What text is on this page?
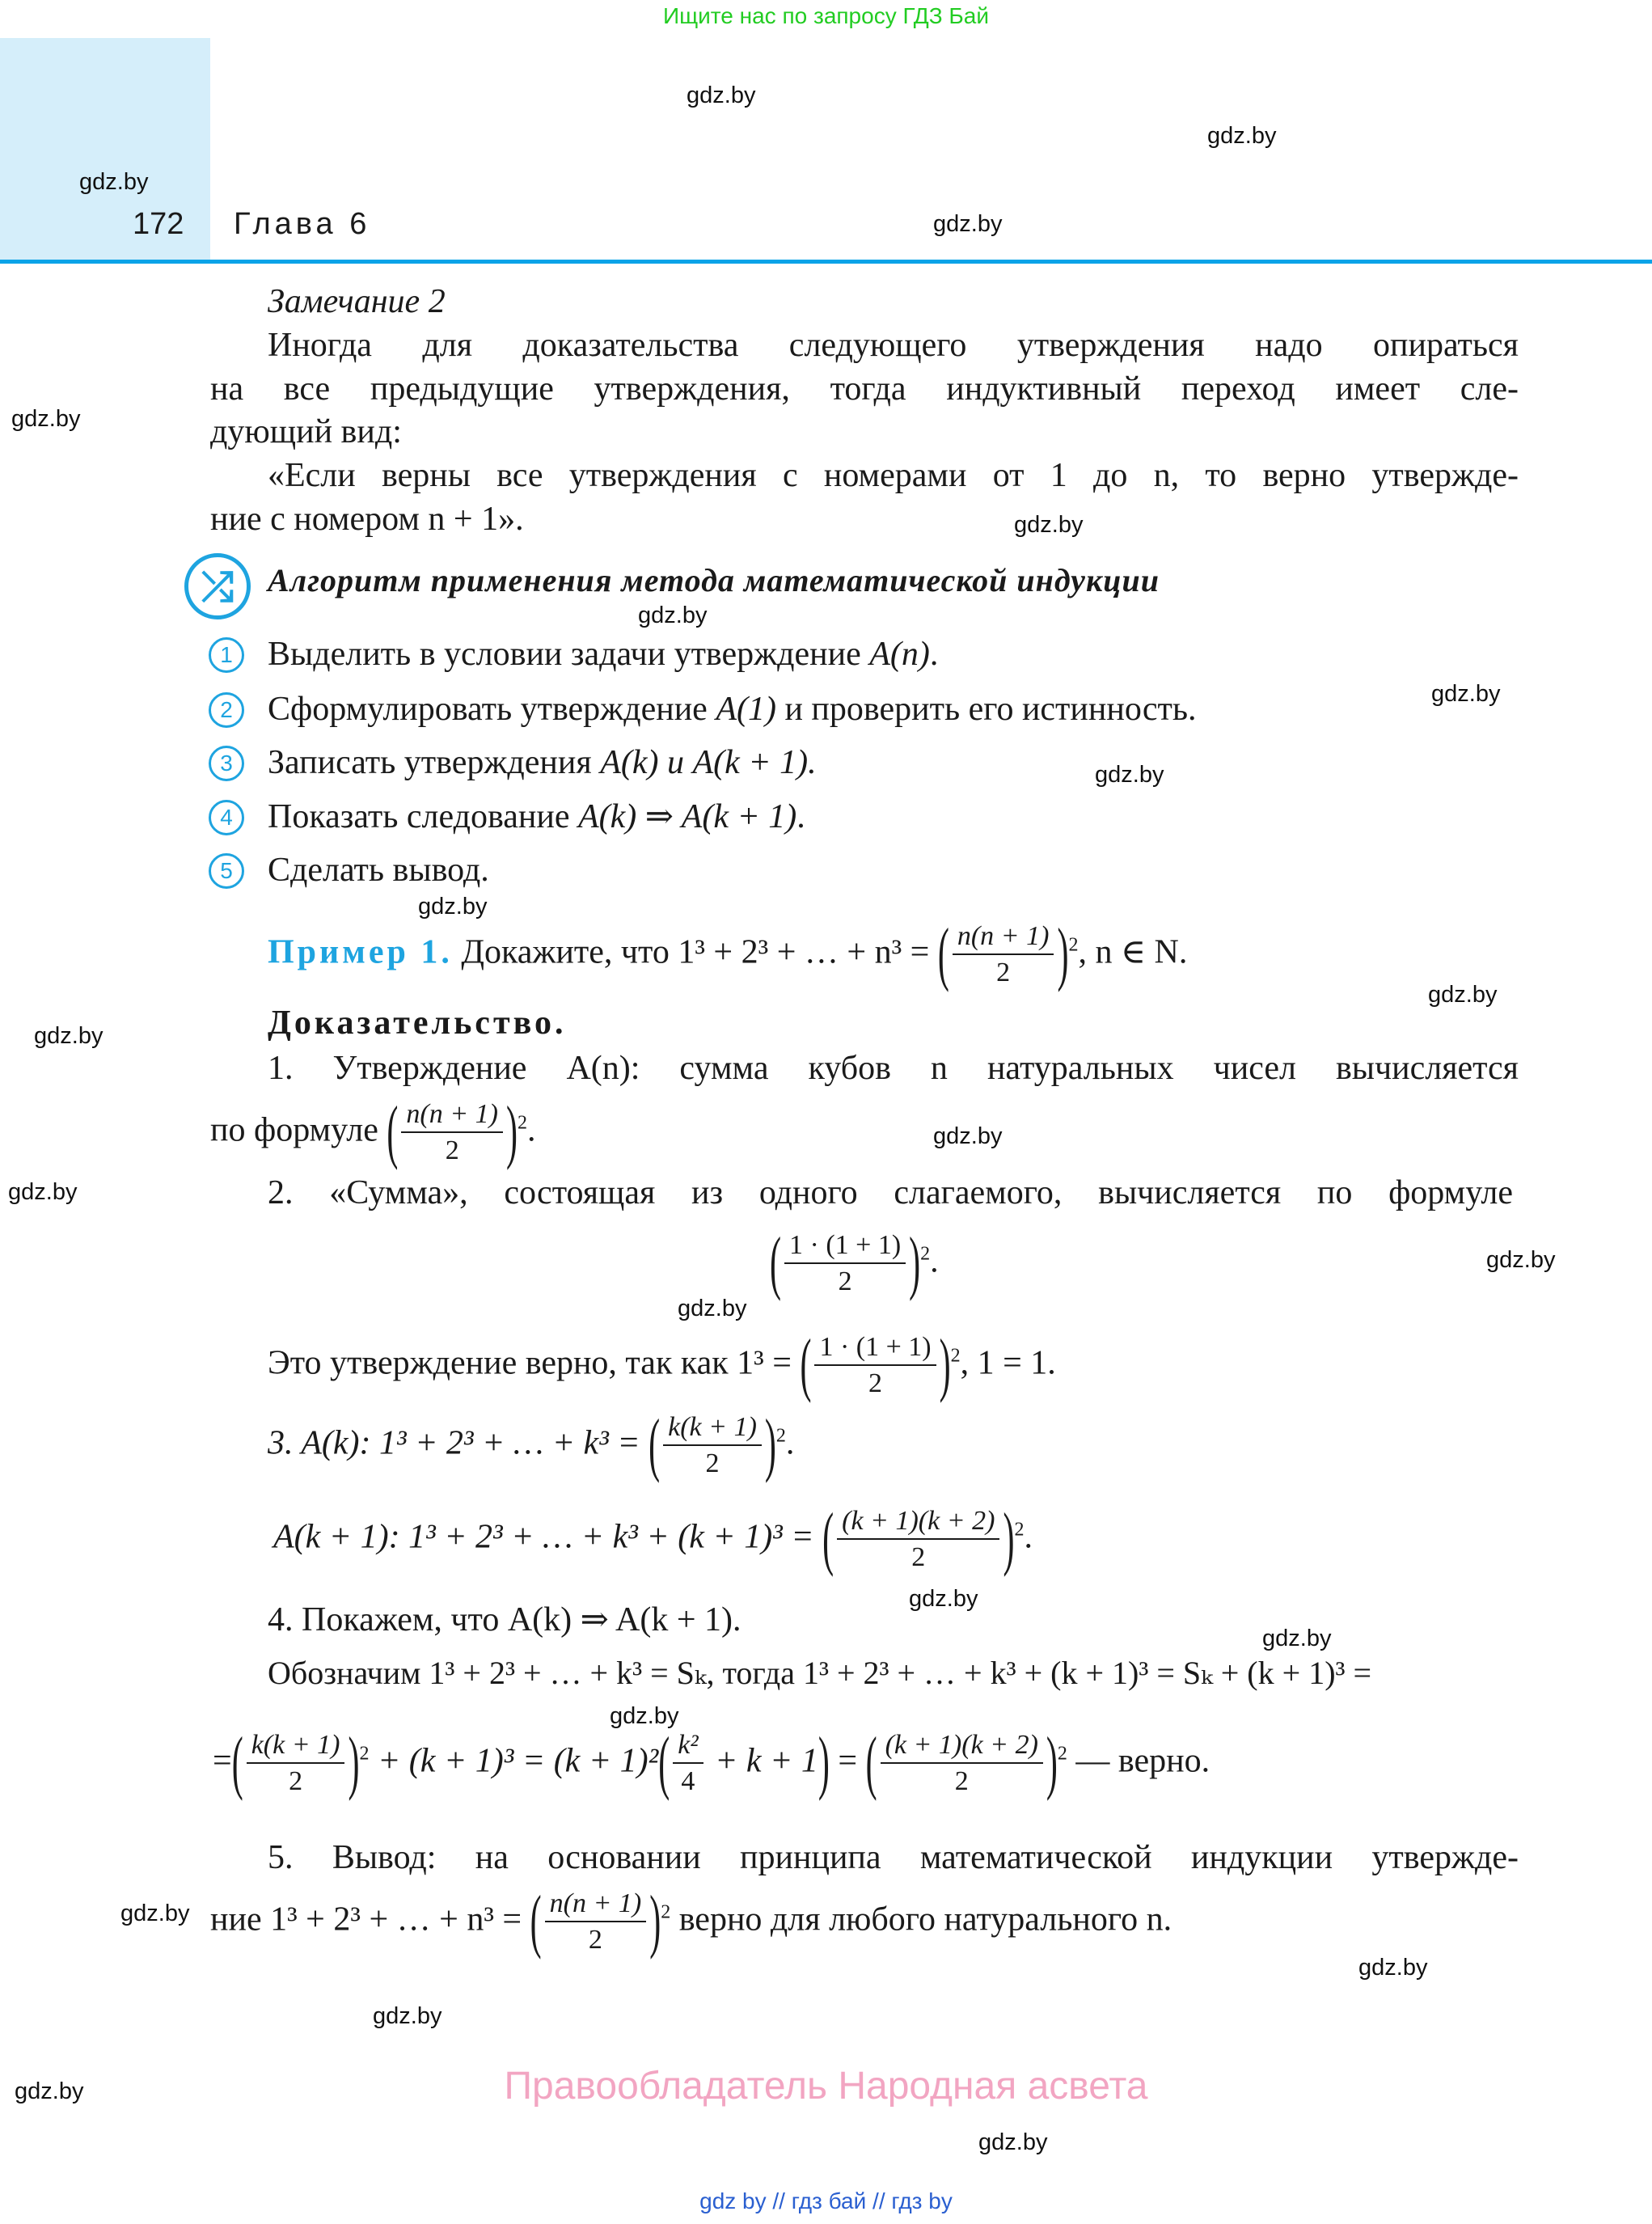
Ищите нас по запросу ГДЗ Бай
172 Глава 6
gdz.by
gdz.by
gdz.by
gdz.by
gdz.by
gdz.by
gdz.by
gdz.by
gdz.by
gdz.by
gdz.by
gdz.by
gdz.by
gdz.by
gdz.by
gdz.by
gdz.by
gdz.by
gdz.by
gdz.by
gdz.by
gdz.by
gdz.by
gdz.by
Замечание 2
Иногда для доказательства следующего утверждения надо опираться
на все предыдущие утверждения, тогда индуктивный переход имеет сле-
дующий вид:
«Если верны все утверждения с номерами от 1 до n, то верно утвержде-
ние с номером n + 1».
⤮	Алгоритм применения метода математической индукции
1	Выделить в условии задачи утверждение A(n).
2	Сформулировать утверждение A(1) и проверить его истинность.
3	Записать утверждения A(k) и A(k + 1).
4	Показать следование A(k) ⇒ A(k + 1).
5	Сделать вывод.
Пример 1. Докажите, что 1³ + 2³ + … + n³ = ( $\frac{n(n + 1)}{2} )^2$, n ∈ N.
Доказательство.
1. Утверждение A(n): сумма кубов n натуральных чисел вычисляется
по формуле ( $\frac{n(n + 1)}{2} )^2$.
2. «Сумма», состоящая из одного слагаемого, вычисляется по формуле
( $\frac{1 \cdot (1 + 1)}{2} )^2$.
Это утверждение верно, так как 1³ = ( $\frac{1 \cdot (1 + 1)}{2} )^2$, 1 = 1.
3. A(k): 1³ + 2³ + … + k³ = ( $\frac{k(k + 1)}{2} )^2$.
A(k + 1): 1³ + 2³ + … + k³ + (k + 1)³ = ( $\frac{(k + 1)(k + 2)}{2} )^2$.
4. Покажем, что A(k) ⇒ A(k + 1).
Обозначим 1³ + 2³ + … + k³ = Sₖ, тогда 1³ + 2³ + … + k³ + (k + 1)³ = Sₖ + (k + 1)³ =
=( $\frac{k(k + 1)}{2} )^2 + (k + 1)^3 = (k + 1)^2( \frac{\text{k²}}{4} + k + 1)$ = ( $\frac{(k + 1)(k + 2)}{2} )^2$ — верно.
5. Вывод: на основании принципа математической индукции утвержде-
ние 1³ + 2³ + … + n³ = ( $\frac{n(n + 1)}{2} )^2$ верно для любого натурального n.
Правообладатель Народная асвета
gdz by // гдз бай // гдз by
